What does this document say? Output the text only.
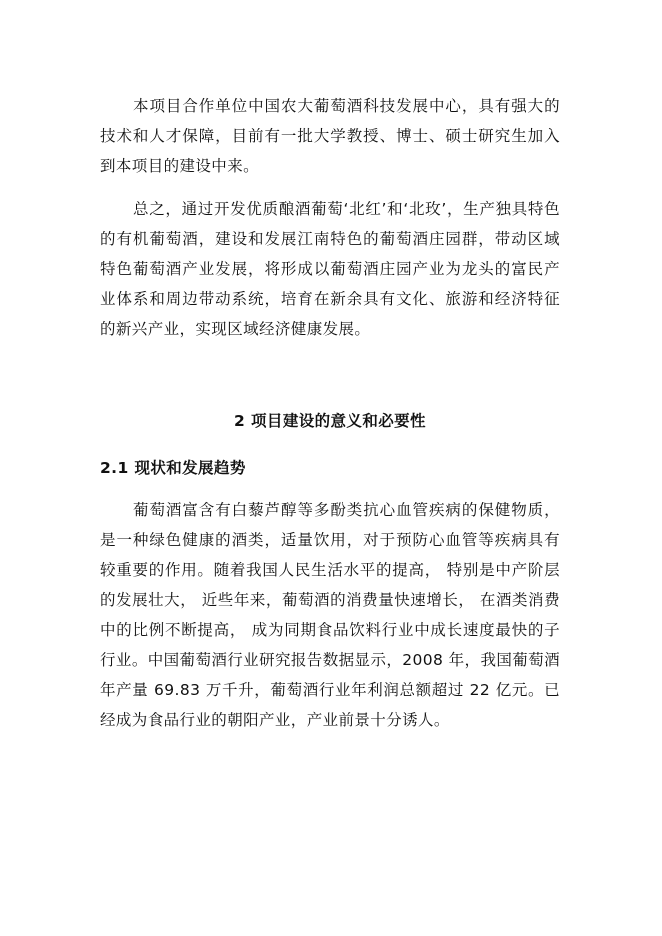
本项目合作单位中国农大葡萄酒科技发展中心，具有强大的技术和人才保障，目前有一批大学教授、博士、硕士研究生加入到本项目的建设中来。

总之，通过开发优质酿酒葡萄‘北红’和‘北玫’，生产独具特色的有机葡萄酒，建设和发展江南特色的葡萄酒庄园群，带动区域特色葡萄酒产业发展，将形成以葡萄酒庄园产业为龙头的富民产业体系和周边带动系统，培育在新余具有文化、旅游和经济特征的新兴产业，实现区域经济健康发展。

2 项目建设的意义和必要性
2.1 现状和发展趋势

葡萄酒富含有白藜芦醇等多酚类抗心血管疾病的保健物质，是一种绿色健康的酒类，适量饮用，对于预防心血管等疾病具有较重要的作用。随着我国人民生活水平的提高， 特别是中产阶层的发展壮大， 近些年来，葡萄酒的消费量快速增长， 在酒类消费中的比例不断提高， 成为同期食品饮料行业中成长速度最快的子行业。中国葡萄酒行业研究报告数据显示，2008 年，我国葡萄酒年产量 69.83 万千升，葡萄酒行业年利润总额超过 22 亿元。已经成为食品行业的朝阳产业，产业前景十分诱人。
